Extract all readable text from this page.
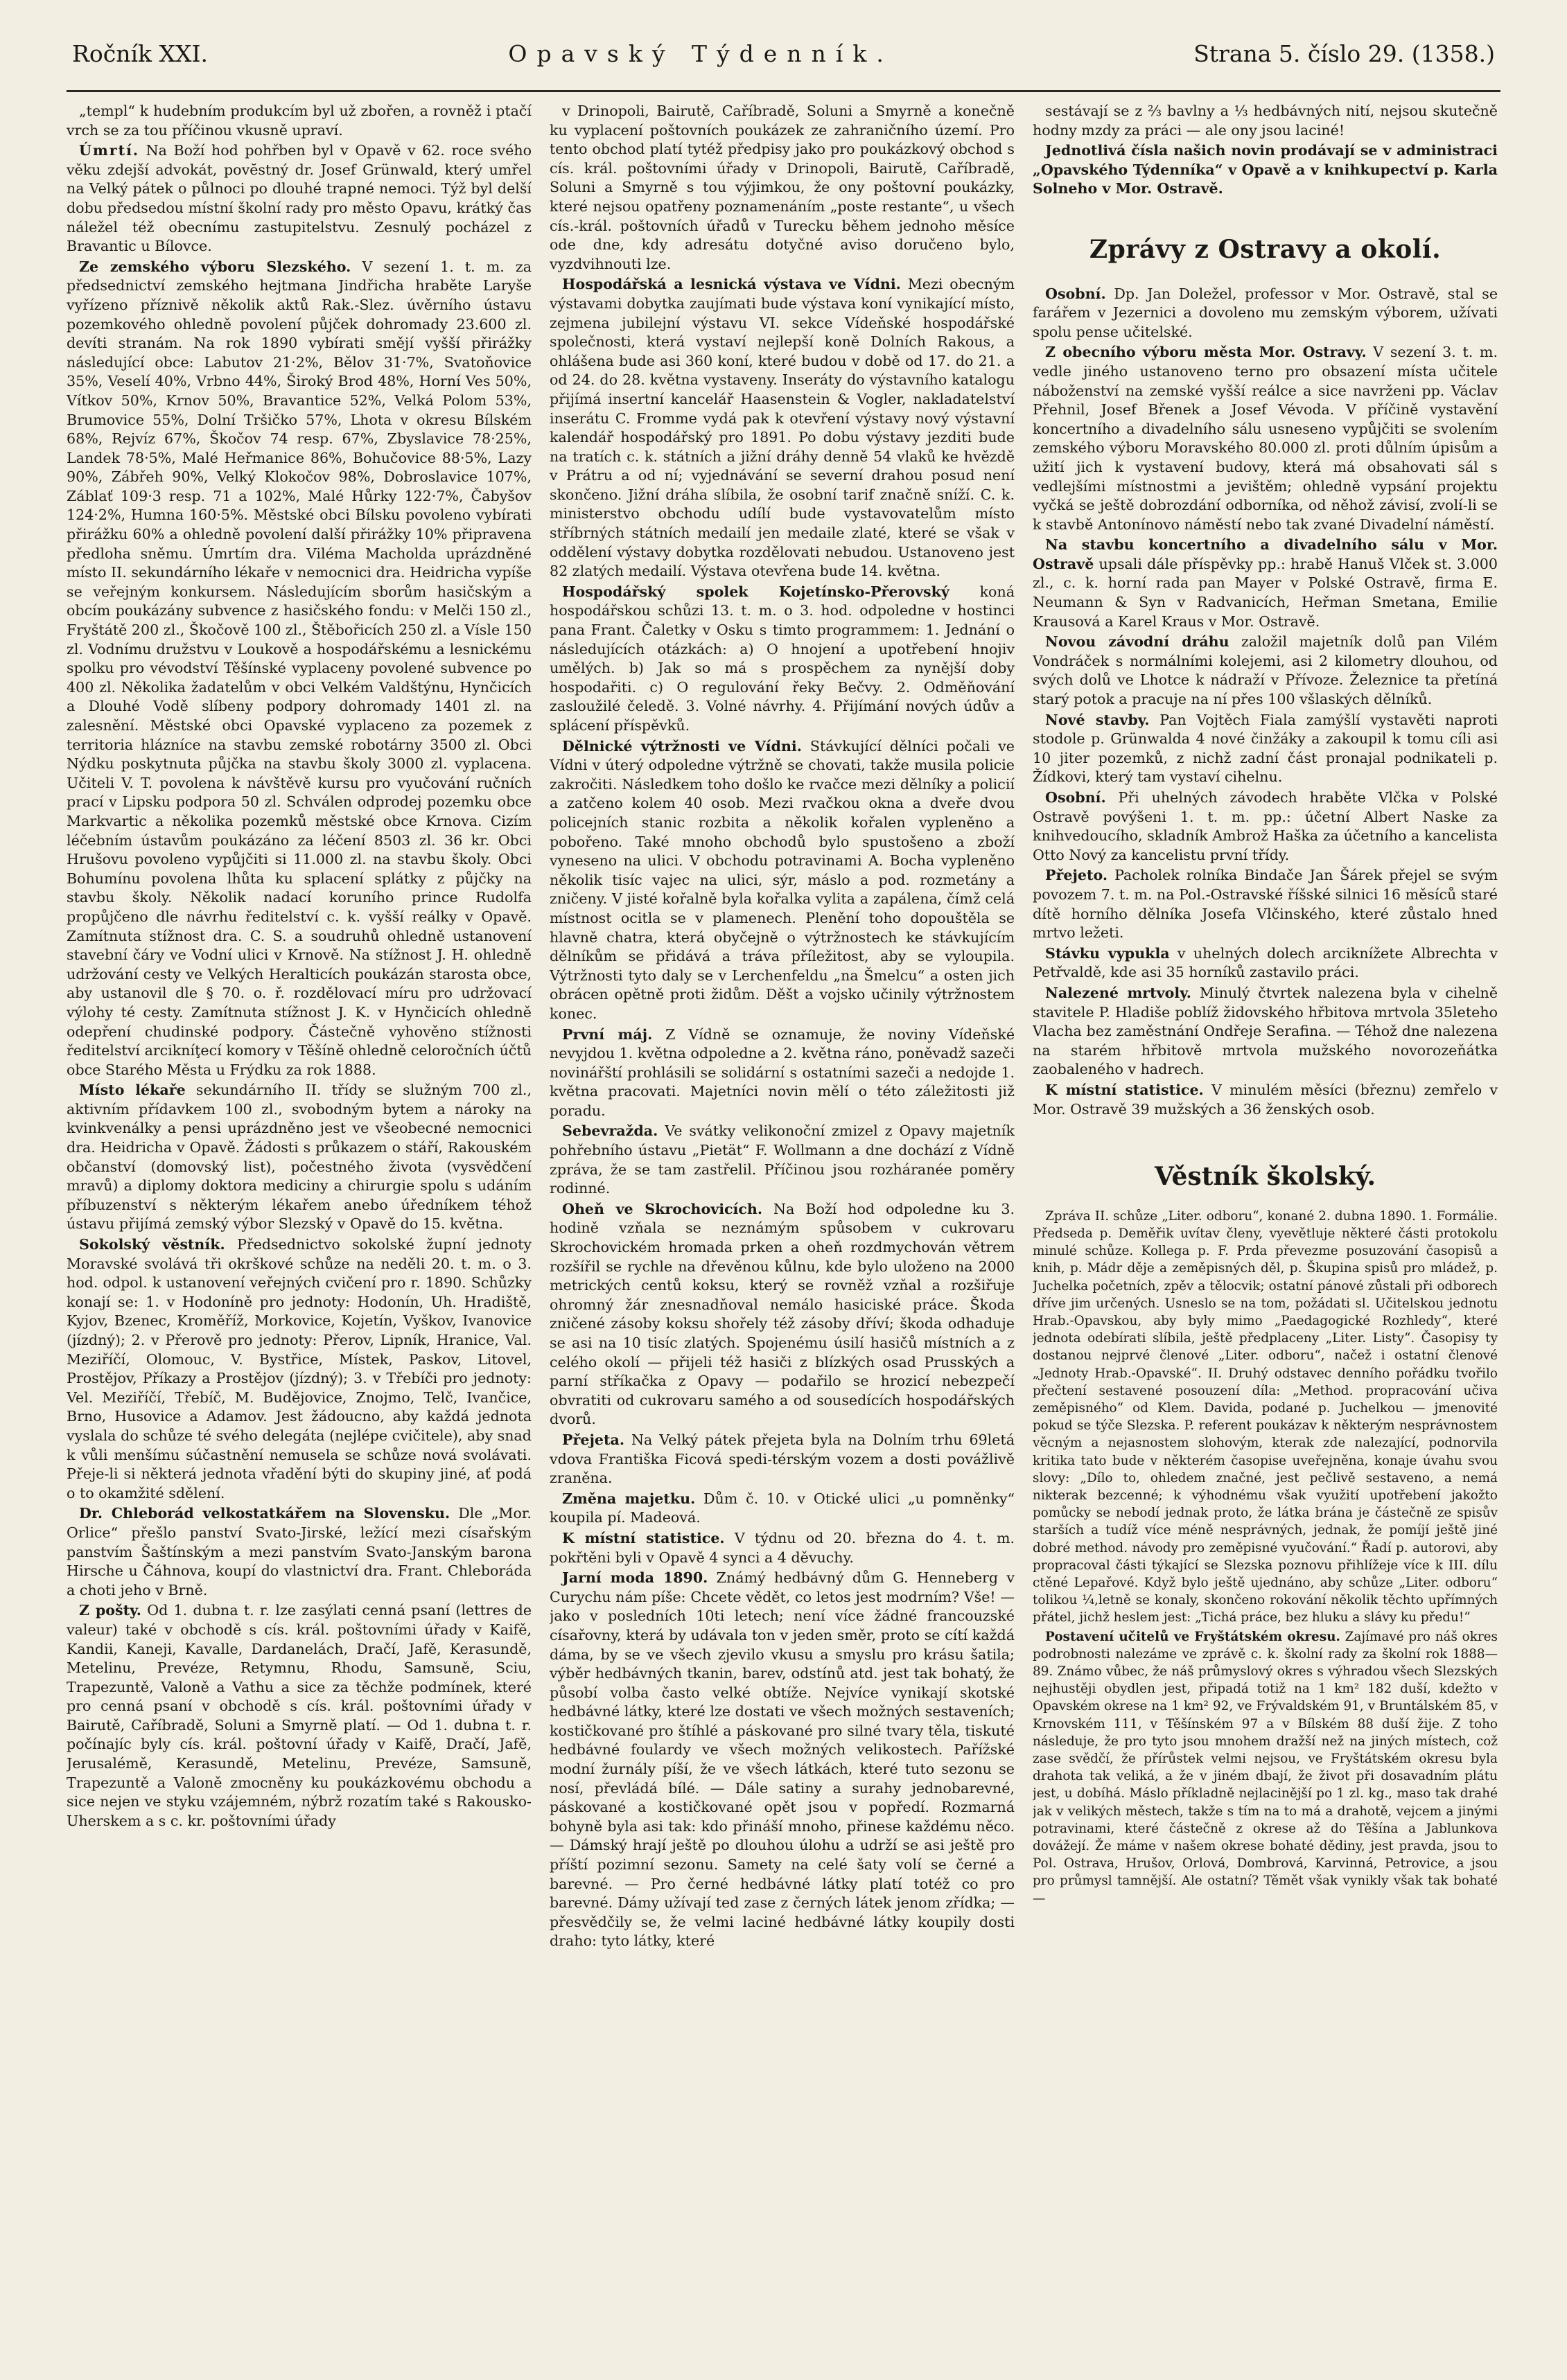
Ročník XXI.	Opavský Týdenník.	Strana 5. číslo 29. (1358.)

„templ“ k hudebním produkcím byl už zbořen, a rovněž i ptačí vrch se za tou příčinou vkusně upraví.

Úmrtí. Na Boží hod pohřben byl v Opavě v 62. roce svého věku zdejší advokát, povĕstný dr. Josef Grünwald, který umřel na Velký pátek o půlnoci po dlouhé trapné nemoci. Týž byl delší dobu předsedou místní školní rady pro město Opavu, krátký čas náležel též obecnímu zastupitelstvu. Zesnulý pocházel z Bravantic u Bílovce.

Ze zemského výboru Slezského. V sezení 1. t. m. za předsednictví zemského hejtmana Jindřicha hraběte Laryše vyřízeno příznivě několik aktů Rak.-Slez. úvěrního ústavu pozemkového ohledně povolení půjček dohromady 23.600 zl. devíti stranám. Na rok 1890 vybírati smějí vyšší přirážky následující obce: Labutov 21·2%, Bělov 31·7%, Svatoňovice 35%, Veselí 40%, Vrbno 44%, Široký Brod 48%, Horní Ves 50%, Vítkov 50%, Krnov 50%, Bravantice 52%, Velká Polom 53%, Brumovice 55%, Dolní Tršičko 57%, Lhota v okresu Bílském 68%, Rejvíz 67%, Škočov 74 resp. 67%, Zbyslavice 78·25%, Landek 78·5%, Malé Heřmanice 86%, Bohučovice 88·5%, Lazy 90%, Zábřeh 90%, Velký Klokočov 98%, Dobroslavice 107%, Záblať 109·3 resp. 71 a 102%, Malé Hůrky 122·7%, Čabyšov 124·2%, Humna 160·5%. Městské obci Bílsku povoleno vybírati přirážku 60% a ohledně povolení další přirážky 10% připravena předloha sněmu. Úmrtím dra. Viléma Macholda uprázdněné místo II. sekundárního lékaře v nemocnici dra. Heidricha vypíše se veřejným konkursem. Následujícím sborům hasičským a obcím poukázány subvence z hasičského fondu: v Melči 150 zl., Fryštátě 200 zl., Škočově 100 zl., Štěbořicích 250 zl. a Vísle 150 zl. Vodnímu družstvu v Loukově a hospodářskému a lesnickému spolku pro vévodství Těšínské vyplaceny povolené subvence po 400 zl. Několika žadatelům v obci Velkém Valdštýnu, Hynčicích a Dlouhé Vodě slíbeny podpory dohromady 1401 zl. na zalesnění. Městské obci Opavské vyplaceno za pozemek z territoria hlázníce na stavbu zemské robotárny 3500 zl. Obci Nýdku poskytnuta půjčka na stavbu školy 3000 zl. vyplacena. Učiteli V. T. povolena k návštěvě kursu pro vyučování ručních prací v Lipsku podpora 50 zl. Schválen odprodej pozemku obce Markvartic a několika pozemků městské obce Krnova. Cizím léčebním ústavům poukázáno za léčení 8503 zl. 36 kr. Obci Hrušovu povoleno vypůjčiti si 11.000 zl. na stavbu školy. Obci Bohumínu povolena lhůta ku splacení splátky z půjčky na stavbu školy. Několik nadací koruního prince Rudolfa propůjčeno dle návrhu ředitelství c. k. vyšší reálky v Opavě. Zamítnuta stížnost dra. C. S. a soudruhů ohledně ustanovení stavební čáry ve Vodní ulici v Krnově. Na stížnost J. H. ohledně udržování cesty ve Velkých Heralticích poukázán starosta obce, aby ustanovil dle § 70. o. ř. rozdělovací míru pro udržovací výlohy té cesty. Zamítnuta stížnost J. K. v Hynčicích ohledně odepření chudinské podpory. Částečně vyhověno stížnosti ředitelství arcikníţecí komory v Těšíně ohledně celoročních účtů obce Starého Města u Frýdku za rok 1888.

Místo lékaře sekundárního II. třídy se služným 700 zl., aktivním přídavkem 100 zl., svobodným bytem a nároky na kvinkvenálky a pensi uprázdněno jest ve všeobecné nemocnici dra. Heidricha v Opavě. Žádosti s průkazem o stáří, Rakouském občanství (domovský list), počestného života (vysvědčení mravů) a diplomy doktora mediciny a chirurgie spolu s udáním příbuzenství s některým lékařem anebo úředníkem téhož ústavu přijímá zemský výbor Slezský v Opavě do 15. května.

Sokolský věstník. Předsednictvo sokolské župní jednoty Moravské svolává tři okrškové schůze na neděli 20. t. m. o 3. hod. odpol. k ustanovení veřejných cvičení pro r. 1890. Schůzky konají se: 1. v Hodoníně pro jednoty: Hodonín, Uh. Hradiště, Kyjov, Bzenec, Kroměříž, Morkovice, Kojetín, Vyškov, Ivanovice (jízdný); 2. v Přerově pro jednoty: Přerov, Lipník, Hranice, Val. Meziříčí, Olomouc, V. Bystřice, Místek, Paskov, Litovel, Prostějov, Příkazy a Prostějov (jízdný); 3. v Třebíči pro jednoty: Vel. Meziříčí, Třebíč, M. Budějovice, Znojmo, Telč, Ivančice, Brno, Husovice a Adamov. Jest žádoucno, aby každá jednota vyslala do schůze té svého delegáta (nejlépe cvičitele), aby snad k vůli menšímu súčastnění nemusela se schůze nová svolávati. Přeje-li si některá jednota vřadění býti do skupiny jiné, ať podá o to okamžité sdělení.

Dr. Chleborád velkostatkářem na Slovensku. Dle „Mor. Orlice“ přešlo panství Svato-Jirské, ležící mezi císařským panstvím Šaštínským a mezi panstvím Svato-Janským barona Hirsche u Čáhnova, koupí do vlastnictví dra. Frant. Chleboráda a choti jeho v Brně.

Z pošty. Od 1. dubna t. r. lze zasýlati cenná psaní (lettres de valeur) také v obchodě s cís. král. poštovními úřady v Kaifě, Kandii, Kaneji, Kavalle, Dardanelách, Dračí, Jafě, Kerasundě, Metelinu, Prevéze, Retymnu, Rhodu, Samsuně, Sciu, Trapezuntě, Valoně a Vathu a sice za těchže podmínek, které pro cenná psaní v obchodě s cís. král. poštovními úřady v Bairutě, Caříbradě, Soluni a Smyrně platí. — Od 1. dubna t. r. počínajíc byly cís. král. poštovní úřady v Kaifě, Dračí, Jafě, Jerusalémě, Kerasundě, Metelinu, Prevéze, Samsuně, Trapezuntě a Valoně zmocněny ku poukázkovému obchodu a sice nejen ve styku vzájemném, nýbrž rozatím také s Rakousko-Uherskem a s c. kr. poštovními úřady

v Drinopoli, Bairutě, Caříbradě, Soluni a Smyrně a konečně ku vyplacení poštovních poukázek ze zahraničního území. Pro tento obchod platí tytéž předpisy jako pro poukázkový obchod s cís. král. poštovními úřady v Drinopoli, Bairutě, Caříbradě, Soluni a Smyrně s tou výjimkou, že ony poštovní poukázky, které nejsou opatřeny poznamenáním „poste restante“, u všech cís.-král. poštovních úřadů v Turecku během jednoho měsíce ode dne, kdy adresátu dotyčné aviso doručeno bylo, vyzdvihnouti lze.

Hospodářská a lesnická výstava ve Vídni. Mezi obecným výstavami dobytka zaujímati bude výstava koní vynikající místo, zejmena jubilejní výstavu VI. sekce Vídeňské hospodářské společnosti, která vystaví nejlepší koně Dolních Rakous, a ohlášena bude asi 360 koní, které budou v době od 17. do 21. a od 24. do 28. května vystaveny. Inseráty do výstavního katalogu přijímá insertní kancelář Haasenstein & Vogler, nakladatelství inserátu C. Fromme vydá pak k otevření výstavy nový výstavní kalendář hospodářský pro 1891. Po dobu výstavy jezditi bude na tratích c. k. státních a jižní dráhy denně 54 vlaků ke hvězdě v Prátru a od ní; vyjednávání se severní drahou posud není skončeno. Jižní dráha slíbila, že osobní tarif značně sníží. C. k. ministerstvo obchodu udílí bude vystavovatelům místo stříbrných státních medailí jen medaile zlaté, které se však v oddělení výstavy dobytka rozdělovati nebudou. Ustanoveno jest 82 zlatých medailí. Výstava otevřena bude 14. května.

Hospodářský spolek Kojetínsko-Přerovský koná hospodářskou schůzi 13. t. m. o 3. hod. odpoledne v hostinci pana Frant. Čaletky v Osku s timto programmem: 1. Jednání o následujících otázkách: a) O hnojení a upotřebení hnojiv umělých. b) Jak so má s prospěchem za nynější doby hospodařiti. c) O regulování řeky Bečvy. 2. Odměňování zasloužilé čeledě. 3. Volné návrhy. 4. Přijímání nových údův a splácení příspěvků.

Dělnické výtržnosti ve Vídni. Stávkující dělníci počali ve Vídni v úterý odpoledne výtržně se chovati, takže musila policie zakročiti. Následkem toho došlo ke rvačce mezi dělníky a policií a zatčeno kolem 40 osob. Mezi rvačkou okna a dveře dvou policejních stanic rozbita a několik kořalen vypleněno a pobořeno. Také mnoho obchodů bylo spustošeno a zboží vyneseno na ulici. V obchodu potravinami A. Bocha vypleněno několik tisíc vajec na ulici, sýr, máslo a pod. rozmetány a zničeny. V jisté kořalně byla kořalka vylita a zapálena, čímž celá místnost ocitla se v plamenech. Plenění toho dopouštěla se hlavně chatra, která obyčejně o výtržnostech ke stávkujícím dělníkům se přidává a tráva příležitost, aby se vyloupila. Výtržnosti tyto daly se v Lerchenfeldu „na Šmelcu“ a osten jich obrácen opětně proti židům. Děšt a vojsko učinily výtržnostem konec.

První máj. Z Vídně se oznamuje, že noviny Vídeňské nevyjdou 1. května odpoledne a 2. května ráno, poněvadž sazeči novinářští prohlásili se solidární s ostatními sazeči a nedojde 1. května pracovati. Majetníci novin mělí o této záležitosti již poradu.

Sebevražda. Ve svátky velikonoční zmizel z Opavy majetník pohřebního ústavu „Pietät“ F. Wollmann a dne dochází z Vídně zpráva, že se tam zastřelil. Příčinou jsou rozháranée poměry rodinné.

Oheň ve Skrochovicích. Na Boží hod odpoledne ku 3. hodině vzňala se neznámým spůsobem v cukrovaru Skrochovickém hromada prken a oheň rozdmychován větrem rozšířil se rychle na dřevěnou kůlnu, kde bylo uloženo na 2000 metrických centů koksu, který se rovněž vzňal a rozšiřuje ohromný žár znesnadňoval nemálo hasiciské práce. Škoda zničené zásoby koksu shořely též zásoby dříví; škoda odhaduje se asi na 10 tisíc zlatých. Spojenému úsilí hasičů místních a z celého okolí — přijeli též hasiči z blízkých osad Prusských a parní stříkačka z Opavy — podařilo se hrozicí nebezpečí obvratiti od cukrovaru samého a od sousedících hospodářských dvorů.

Přejeta. Na Velký pátek přejeta byla na Dolním trhu 69letá vdova Františka Ficová spedi-térským vozem a dosti povážlivě zraněna.

Změna majetku. Dům č. 10. v Otické ulici „u pomněnky“ koupila pí. Madeová.

K místní statistice. V týdnu od 20. března do 4. t. m. pokřtěni byli v Opavě 4 synci a 4 děvuchy.

Jarní moda 1890. Známý hedbávný dům G. Henneberg v Curychu nám píše: Chcete vědět, co letos jest modrním? Vše! — jako v posledních 10ti letech; není více žádné francouzské císařovny, která by udávala ton v jeden směr, proto se cítí každá dáma, by se ve všech zjevilo vkusu a smyslu pro krásu šatila; výběr hedbávných tkanin, barev, odstínů atd. jest tak bohatý, že působí volba často velké obtíže. Nejvíce vynikají skotské hedbávné látky, které lze dostati ve všech možných sestaveních; kostičkované pro štíhlé a páskované pro silné tvary těla, tiskuté hedbávné foulardy ve všech možných velikostech. Pařížské modní žurnály píší, že ve všech látkách, které tuto sezonu se nosí, převládá bílé. — Dále satiny a surahy jednobarevné, páskované a kostičkované opět jsou v popředí. Rozmarná bohyně byla asi tak: kdo přináší mnoho, přinese každému něco. — Dámský hrají ještě po dlouhou úlohu a udrží se asi ještě pro příští pozimní sezonu. Samety na celé šaty volí se černé a barevné. — Pro černé hedbávné látky platí totéž co pro barevné. Dámy užívají ted zase z černých látek jenom zřídka; — přesvědčily se, že velmi laciné hedbávné látky koupily dosti draho: tyto látky, které

sestávají se z ⅔ bavlny a ⅓ hedbávných nití, nejsou skutečně hodny mzdy za práci — ale ony jsou laciné!

Jednotlivá čísla našich novin prodávají se v administraci „Opavského Týdenníka“ v Opavě a v knihkupectví p. Karla Solneho v Mor. Ostravě.

Zprávy z Ostravy a okolí.

Osobní. Dp. Jan Doležel, professor v Mor. Ostravě, stal se farářem v Jezernici a dovoleno mu zemským výborem, užívati spolu pense učitelské.

Z obecního výboru města Mor. Ostravy. V sezení 3. t. m. vedle jiného ustanoveno terno pro obsazení místa učitele náboženství na zemské vyšší reálce a sice navrženi pp. Václav Přehnil, Josef Břenek a Josef Vévoda. V příčině vystavění koncertního a divadelního sálu usneseno vypůjčiti se svolením zemského výboru Moravského 80.000 zl. proti důlním úpisům a užití jich k vystavení budovy, která má obsahovati sál s vedlejšími místnostmi a jevištěm; ohledně vypsání projektu vyčká se ještě dobrozdání odborníka, od něhož závisí, zvolí-li se k stavbě Antonínovo náměstí nebo tak zvané Divadelní náměstí.

Na stavbu koncertního a divadelního sálu v Mor. Ostravě upsali dále příspěvky pp.: hrabě Hanuš Vlček st. 3.000 zl., c. k. horní rada pan Mayer v Polské Ostravě, firma E. Neumann & Syn v Radvanicích, Heřman Smetana, Emilie Krausová a Karel Kraus v Mor. Ostravě.

Novou závodní dráhu založil majetník dolů pan Vilém Vondráček s normálními kolejemi, asi 2 kilometry dlouhou, od svých dolů ve Lhotce k nádraží v Přívoze. Železnice ta přetíná starý potok a pracuje na ní přes 100 všlaských dělníků.

Nové stavby. Pan Vojtěch Fiala zamýšlí vystavěti naproti stodole p. Grünwalda 4 nové činžáky a zakoupil k tomu cíli asi 10 jiter pozemků, z nichž zadní část pronajal podnikateli p. Žídkovi, který tam vystaví cihelnu.

Osobní. Při uhelných závodech hraběte Vlčka v Polské Ostravě povýšeni 1. t. m. pp.: účetní Albert Naske za knihvedoucího, skladník Ambrož Haška za účetního a kancelista Otto Nový za kancelistu první třídy.

Přejeto. Pacholek rolníka Bindače Jan Šárek přejel se svým povozem 7. t. m. na Pol.-Ostravské říšské silnici 16 měsíců staré dítě horního dělníka Josefa Vlčinského, které zůstalo hned mrtvo ležeti.

Stávku vypukla v uhelných dolech arciknížete Albrechta v Petřvaldě, kde asi 35 horníků zastavilo práci.

Nalezené mrtvoly. Minulý čtvrtek nalezena byla v cihelně stavitele P. Hladiše poblíž židovského hřbitova mrtvola 35leteho Vlacha bez zaměstnání Ondřeje Serafina. — Téhož dne nalezena na starém hřbitově mrtvola mužského novorozeňátka zaobaleného v hadrech.

K místní statistice. V minulém měsíci (březnu) zemřelo v Mor. Ostravě 39 mužských a 36 ženských osob.

Věstník školský.

Zpráva II. schůze „Liter. odboru“, konané 2. dubna 1890. 1. Formálie. Předseda p. Deměřik uvítav členy, vyevětluje některé části protokolu minulé schůze. Kollega p. F. Prda převezme posuzování časopisů a knih, p. Mádr děje a zeměpisných děl, p. Škupina spisů pro mládež, p. Juchelka početních, zpěv a tělocvik; ostatní pánové zůstali při odborech dříve jim určených. Usneslo se na tom, požádati sl. Učitelskou jednotu Hrab.-Opavskou, aby byly mimo „Paedagogické Rozhledy“, které jednota odebírati slíbila, ještě předplaceny „Liter. Listy“. Časopisy ty dostanou nejprvé členové „Liter. odboru“, načež i ostatní členové „Jednoty Hrab.-Opavské“. II. Druhý odstavec denního pořádku tvořilo přečtení sestavené posouzení díla: „Method. propracování učiva zeměpisného“ od Klem. Davida, podané p. Juchelkou — jmenovité pokud se týče Slezska. P. referent poukázav k některým nesprávnostem věcným a nejasnostem slohovým, kterak zde nalezající, podnorvila kritika tato bude v některém časopise uveřejněna, konaje úvahu svou slovy: „Dílo to, ohledem značné, jest pečlivě sestaveno, a nemá nikterak bezcenné; k výhodnému však využití upotřebení jakožto pomůcky se nebodí jednak proto, že látka brána je částečně ze spisův starších a tudíž více méně nesprávných, jednak, že pomíjí ještě jiné dobré method. návody pro zeměpisné vyučování.“ Řadí p. autorovi, aby propracoval části týkající se Slezska poznovu přihlížeje více k III. dílu ctěné Lepařové. Když bylo ještě ujednáno, aby schůze „Liter. odboru“ tolikou ¼,letně se konaly, skončeno rokování několik těchto upřímných přátel, jichž heslem jest: „Tichá práce, bez hluku a slávy ku předu!“

Postavení učitelů ve Fryštátském okresu. Zajímavé pro náš okres podrobnosti nalezáme ve zprávě c. k. školní rady za školní rok 1888—89. Známo vůbec, že náš průmyslový okres s výhradou všech Slezských nejhustěji obydlen jest, připadá totiž na 1 km² 182 duší, kdežto v Opavském okrese na 1 km² 92, ve Frývaldském 91, v Bruntálském 85, v Krnovském 111, v Těšínském 97 a v Bílském 88 duší žije. Z toho následuje, že pro tyto jsou mnohem dražší než na jiných místech, což zase svědčí, že přírůstek velmi nejsou, ve Fryštátském okresu byla drahota tak veliká, a že v jiném dbají, že život při dosavadním plátu jest, u dobíhá. Máslo příkladně nejlacinější po 1 zl. kg., maso tak drahé jak v velikých městech, takže s tím na to má a drahotě, vejcem a jinými potravinami, které částečně z okrese až do Těšína a Jablunkova dovážejí. Že máme v našem okrese bohaté dědiny, jest pravda, jsou to Pol. Ostrava, Hrušov, Orlová, Dombrová, Karvinná, Petrovice, a jsou pro průmysl tamnější. Ale ostatní? Těmět však vynikly však tak bohaté —
